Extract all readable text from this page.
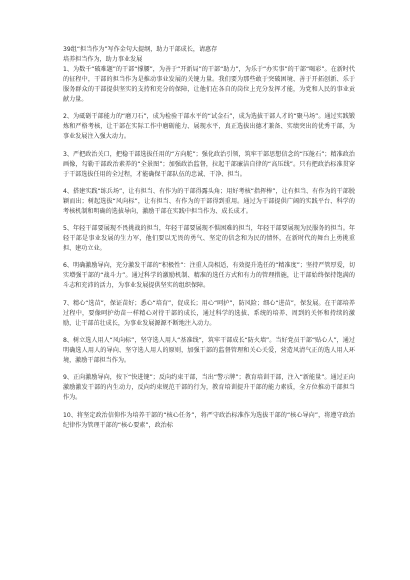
39组“担当作为”写作金句大提纲，助力干部成长，请惠存
培养担当作为，助力事业发展
1、为数千“破难题”的干部“撑腰”，为善于“开新局”的干部“助力”，为乐于“办实事”的干部“喝彩”。在新时代的征程中，干部的担当作为是推动事业发展的关键力量。我们要为那些敢于突破困境、善于开拓创新、乐于服务群众的干部提供坚实的支持和充分的保障，让他们在各自的岗位上充分发挥才能，为党和人民的事业贡献力量。
2、为砥砺干部能力的“磨刀石”，成为检验干部水平的“试金石”，成为选拔干部人才的“聚马场”。通过实践锻炼和严格考核，让干部在实际工作中磨砺能力、展现水平，真正选拔出德才兼备、实绩突出的优秀干部，为事业发展注入强大动力。
3、严把政治关口，把稳干部选拔任用的“方向舵”；强化政治引领，筑牢干部思想信念的“压舱石”；精准政治画像，勾勒干部政治素养的“全景图”；加强政治监督，拉起干部廉洁自律的“高压线”。只有把政治标准贯穿于干部选拔任用的全过程，才能确保干部队伍的忠诚、干净、担当。
4、搭建实践“练兵场”，让有担当、有作为的干部得露头角；用好考核“指挥棒”，让有担当、有作为的干部脱颖而出；树起选拔“风向标”，让有担当、有作为的干部得到重用。通过为干部提供广阔的实践平台、科学的考核机制和明确的选拔导向，激励干部在实践中担当作为、成长成才。
5、年轻干部要展现不畏挑战的担当，年轻干部要展现不惧困难的担当，年轻干部要展现为民服务的担当。年轻干部是事业发展的生力军，他们要以无畏的勇气、坚定的信念和为民的情怀，在新时代的舞台上勇挑重担、建功立业。
6、明确激励导向，充分激发干部的“积极性”：注重人岗相适，有效提升选任的“精准度”；坚持严管厚爱，切实增强干部的“战斗力”。通过科学的激励机制、精准的选任方式和有力的管理措施，让干部始终保持饱满的斗志和充沛的活力，为事业发展提供坚实的组织保障。
7、精心“选苗”，保证苗好；悉心“培育”，促成长；用心“呵护”，防风险；细心“进苗”，保发展。在干部培养过程中，要像呵护幼苗一样精心对待干部的成长，通过科学的选拔、系统的培养、周到的关怀和持续的激励，让干部茁壮成长，为事业发展源源不断地注入动力。
8、树立选人用人“风向标”，坚守选人用人“基准线”，筑牢干部成长“防火墙”。当好党员干部“贴心人”，通过明确选人用人的导向、坚守选人用人的原则，加强干部的监督管理和关心关爱，营造风清气正的选人用人环境，激励干部担当作为。
9、正向激励导向，按下“快进键”；反向约束干部，当出“警示牌”；教育培训干部，注入“新能量”。通过正向激励激发干部的内生动力，反向约束规范干部的行为，教育培训提升干部的能力素质，全方位推动干部担当作为。
10、将坚定政治信仰作为培养干部的“核心任务”，将严守政治标准作为选拔干部的“核心导向”，将遵守政治纪律作为管理干部的“核心要素”，政治标
